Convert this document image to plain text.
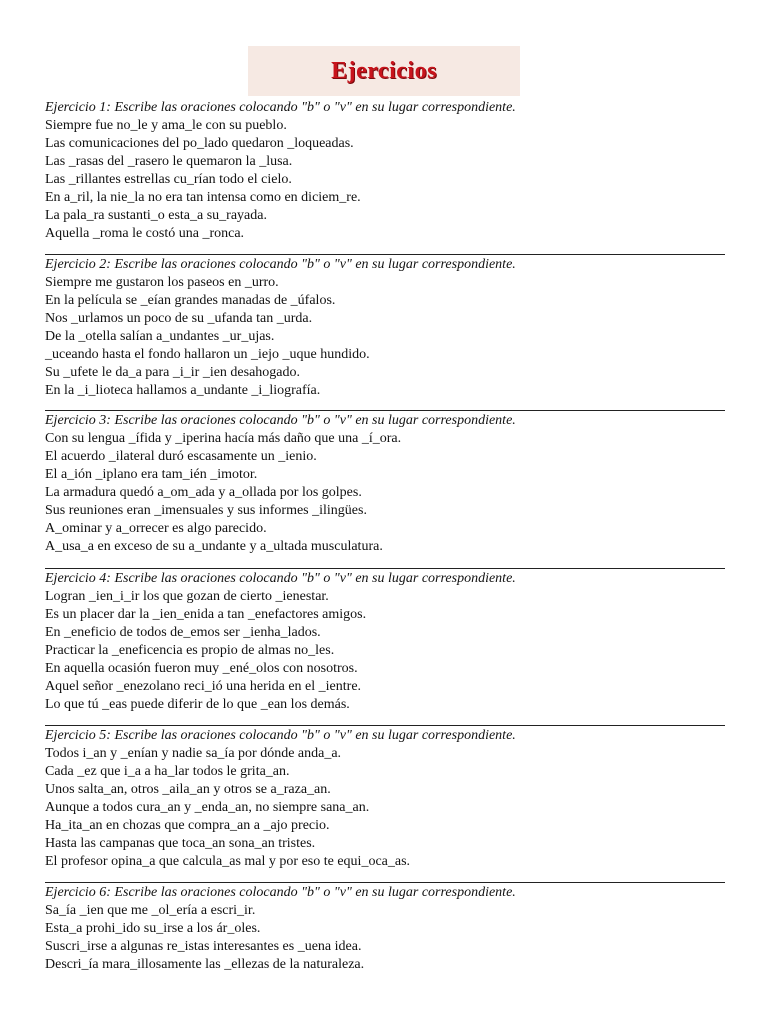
Ejercicios
Ejercicio 1: Escribe las oraciones colocando "b" o "v" en su lugar correspondiente.
Siempre fue no_le y ama_le con su pueblo.
Las comunicaciones del po_lado quedaron _loqueadas.
Las _rasas del _rasero le quemaron la _lusa.
Las _rillantes estrellas cu_rían todo el cielo.
En a_ril, la nie_la no era tan intensa como en diciem_re.
La pala_ra sustanti_o esta_a su_rayada.
Aquella _roma le costó una _ronca.
Ejercicio 2: Escribe las oraciones colocando "b" o "v" en su lugar correspondiente.
Siempre me gustaron los paseos en _urro.
En la película se _eían grandes manadas de _úfalos.
Nos _urlamos un poco de su _ufanda tan _urda.
De la _otella salían a_undantes _ur_ujas.
_uceando hasta el fondo hallaron un _iejo _uque hundido.
Su _ufete le da_a para _i_ir _ien desahogado.
En la _i_lioteca hallamos a_undante _i_liografía.
Ejercicio 3: Escribe las oraciones colocando "b" o "v" en su lugar correspondiente.
Con su lengua _ífida y _iperina hacía más daño que una _í_ora.
El acuerdo _ilateral duró escasamente un _ienio.
El a_ión _iplano era tam_ién _imotor.
La armadura quedó a_om_ada y a_ollada por los golpes.
Sus reuniones eran _imensuales y sus informes _ilingües.
A_ominar y a_orrecer es algo parecido.
A_usa_a en exceso de su a_undante y a_ultada musculatura.
Ejercicio 4: Escribe las oraciones colocando "b" o "v" en su lugar correspondiente.
Logran _ien_i_ir los que gozan de cierto _ienestar.
Es un placer dar la _ien_enida a tan _enefactores amigos.
En _eneficio de todos de_emos ser _ienha_lados.
Practicar la _eneficencia es propio de almas no_les.
En aquella ocasión fueron muy _ené_olos con nosotros.
Aquel señor _enezolano reci_ió una herida en el _ientre.
Lo que tú _eas puede diferir de lo que _ean los demás.
Ejercicio 5: Escribe las oraciones colocando "b" o "v" en su lugar correspondiente.
Todos i_an y _enían y nadie sa_ía por dónde anda_a.
Cada _ez que i_a a ha_lar todos le grita_an.
Unos salta_an, otros _aila_an y otros se a_raza_an.
Aunque a todos cura_an y _enda_an, no siempre sana_an.
Ha_ita_an en chozas que compra_an a _ajo precio.
Hasta las campanas que toca_an sona_an tristes.
El profesor opina_a que calcula_as mal y por eso te equi_oca_as.
Ejercicio 6: Escribe las oraciones colocando "b" o "v" en su lugar correspondiente.
Sa_ía _ien que me _ol_ería a escri_ir.
Esta_a prohi_ido su_irse a los ár_oles.
Suscri_irse a algunas re_istas interesantes es _uena idea.
Descri_ía mara_illosamente las _ellezas de la naturaleza.
